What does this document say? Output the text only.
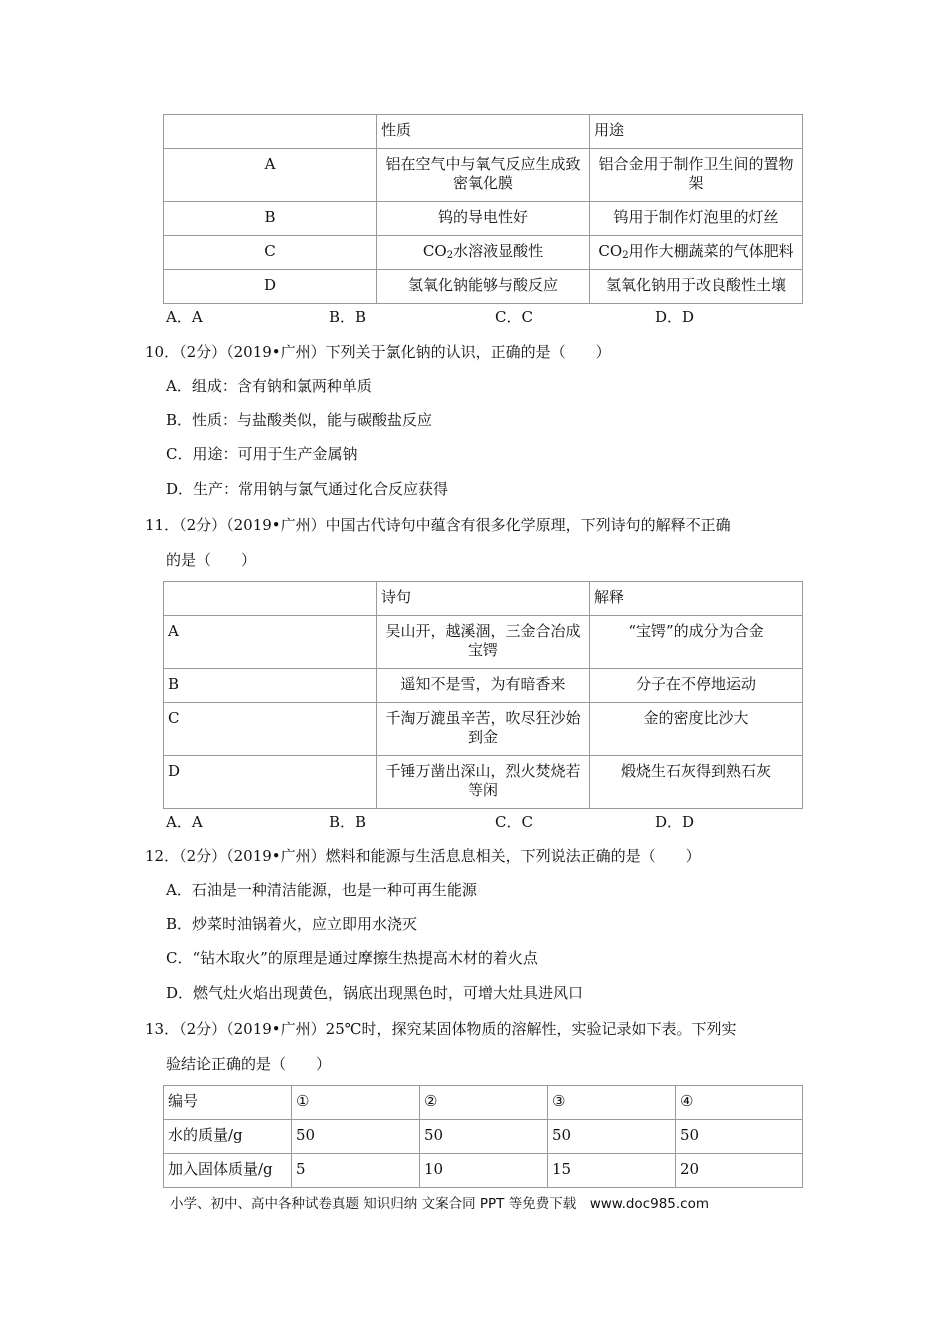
	性质	用途
A	铝在空气中与氧气反应生成致密氧化膜	铝合金用于制作卫生间的置物架
B	钨的导电性好	钨用于制作灯泡里的灯丝
C	$CO_2$水溶液显酸性	$CO_2$用作大棚蔬菜的气体肥料
D	氢氧化钠能够与酸反应	氢氧化钠用于改良酸性土壤
A．A	B．B	C．C	D．D
10．（2分）（2019•广州）下列关于氯化钠的认识，正确的是（　　）
A．组成：含有钠和氯两种单质
B．性质：与盐酸类似，能与碳酸盐反应
C．用途：可用于生产金属钠
D．生产：常用钠与氯气通过化合反应获得
11．（2分）（2019•广州）中国古代诗句中蕴含有很多化学原理，下列诗句的解释不正确
的是（　　）
	诗句	解释
A	吴山开，越溪涸，三金合冶成宝锷	“宝锷”的成分为合金
B	遥知不是雪，为有暗香来	分子在不停地运动
C	千淘万漉虽辛苦，吹尽狂沙始到金	金的密度比沙大
D	千锤万凿出深山，烈火焚烧若等闲	煅烧生石灰得到熟石灰
A．A	B．B	C．C	D．D
12．（2分）（2019•广州）燃料和能源与生活息息相关，下列说法正确的是（　　）
A．石油是一种清洁能源，也是一种可再生能源
B．炒菜时油锅着火，应立即用水浇灭
C．“钻木取火”的原理是通过摩擦生热提高木材的着火点
D．燃气灶火焰出现黄色，锅底出现黑色时，可增大灶具进风口
13．（2分）（2019•广州）25℃时，探究某固体物质的溶解性，实验记录如下表。下列实
验结论正确的是（　　）
编号	①	②	③	④
水的质量/g	50	50	50	50
加入固体质量/g	5	10	15	20
小学、初中、高中各种试卷真题 知识归纳 文案合同 PPT 等免费下载　www.doc985.com
